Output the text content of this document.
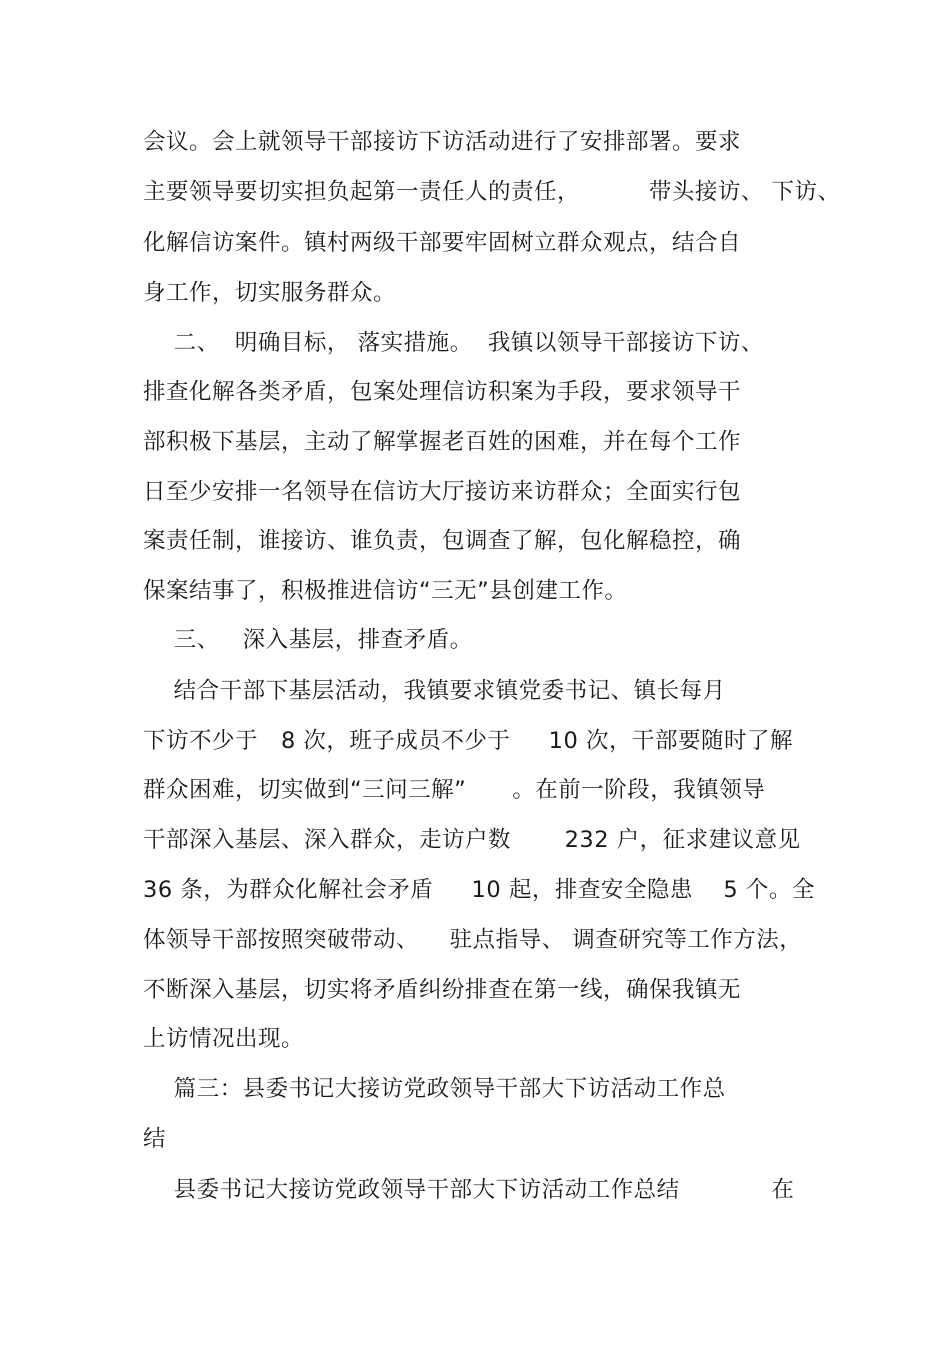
会议。会上就领导干部接访下访活动进行了安排部署。要求
主要领导要切实担负起第一责任人的责任，         带头接访、 下访、
化解信访案件。镇村两级干部要牢固树立群众观点，结合自
身工作，切实服务群众。
二、  明确目标， 落实措施。  我镇以领导干部接访下访、
排查化解各类矛盾，包案处理信访积案为手段，要求领导干
部积极下基层，主动了解掌握老百姓的困难，并在每个工作
日至少安排一名领导在信访大厅接访来访群众；全面实行包
案责任制，谁接访、谁负责，包调查了解，包化解稳控，确
保案结事了，积极推进信访“三无”县创建工作。
三、   深入基层，排查矛盾。
结合干部下基层活动，我镇要求镇党委书记、镇长每月
下访不少于   8 次，班子成员不少于     10 次，干部要随时了解
群众困难，切实做到“三问三解”      。在前一阶段，我镇领导
干部深入基层、深入群众，走访户数       232 户，征求建议意见
36 条，为群众化解社会矛盾     10 起，排查安全隐患    5 个。全
体领导干部按照突破带动、    驻点指导、 调查研究等工作方法，
不断深入基层，切实将矛盾纠纷排查在第一线，确保我镇无
上访情况出现。
篇三：县委书记大接访党政领导干部大下访活动工作总
结
县委书记大接访党政领导干部大下访活动工作总结            在
